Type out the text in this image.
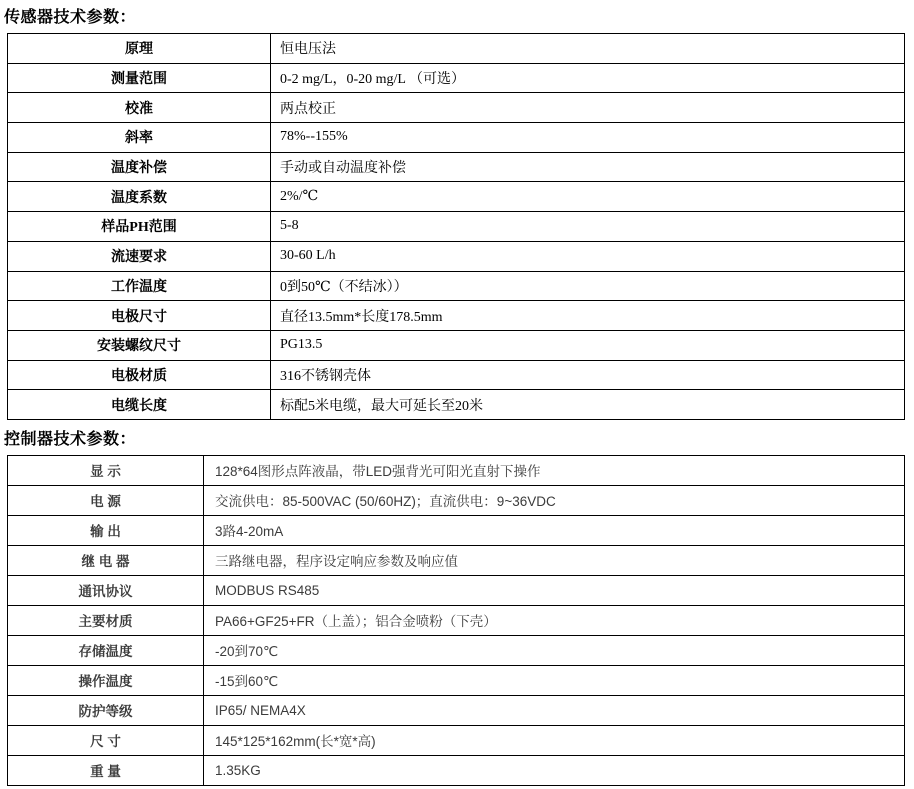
传感器技术参数：
原理	恒电压法
测量范围	0-2 mg/L，0-20 mg/L （可选）
校准	两点校正
斜率	78%--155%
温度补偿	手动或自动温度补偿
温度系数	2%/℃
样品PH范围	5-8
流速要求	30-60 L/h
工作温度	0到50℃（不结冰））
电极尺寸	直径13.5mm*长度178.5mm
安装螺纹尺寸	PG13.5
电极材质	316不锈钢壳体
电缆长度	标配5米电缆，最大可延长至20米
控制器技术参数：
显 示	128*64图形点阵液晶，带LED强背光可阳光直射下操作
电 源	交流供电：85-500VAC (50/60HZ)；直流供电：9~36VDC
输 出	3路4-20mA
继 电 器	三路继电器，程序设定响应参数及响应值
通讯协议	MODBUS RS485
主要材质	PA66+GF25+FR（上盖）；铝合金喷粉（下壳）
存储温度	-20到70℃
操作温度	-15到60℃
防护等级	IP65/ NEMA4X
尺 寸	145*125*162mm(长*宽*高)
重 量	1.35KG
